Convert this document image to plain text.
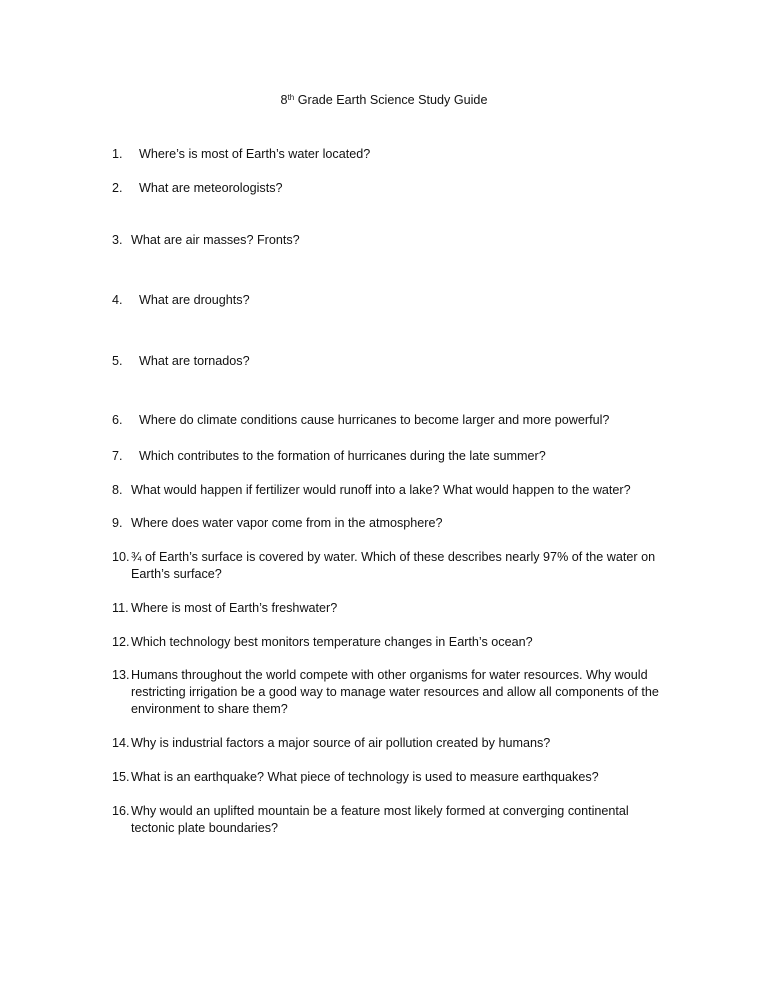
8th Grade Earth Science Study Guide
1. Where’s is most of Earth’s water located?
2. What are meteorologists?
3. What are air masses? Fronts?
4. What are droughts?
5. What are tornados?
6. Where do climate conditions cause hurricanes to become larger and more powerful?
7. Which contributes to the formation of hurricanes during the late summer?
8. What would happen if fertilizer would runoff into a lake? What would happen to the water?
9. Where does water vapor come from in the atmosphere?
10. ¾ of Earth’s surface is covered by water. Which of these describes nearly 97% of the water on Earth’s surface?
11. Where is most of Earth’s freshwater?
12. Which technology best monitors temperature changes in Earth’s ocean?
13. Humans throughout the world compete with other organisms for water resources. Why would restricting irrigation be a good way to manage water resources and allow all components of the environment to share them?
14. Why is industrial factors a major source of air pollution created by humans?
15. What is an earthquake? What piece of technology is used to measure earthquakes?
16. Why would an uplifted mountain be a feature most likely formed at converging continental tectonic plate boundaries?
